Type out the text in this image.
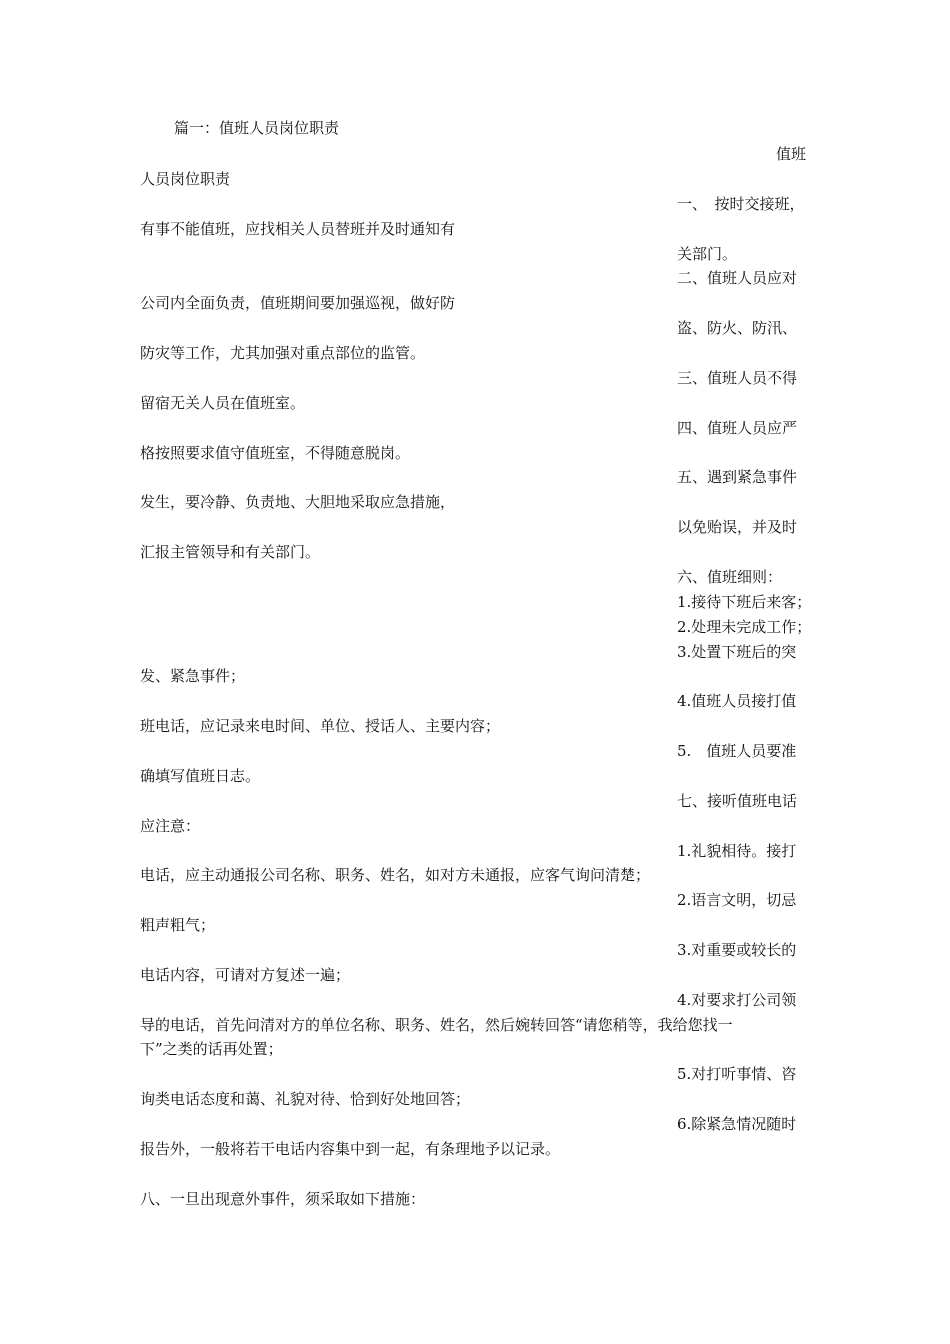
篇一：值班人员岗位职责
值班
人员岗位职责
一、　按时交接班，
有事不能值班，应找相关人员替班并及时通知有
关部门。
二、值班人员应对
公司内全面负责，值班期间要加强巡视，做好防
盗、防火、防汛、
防灾等工作，尤其加强对重点部位的监管。
三、值班人员不得
留宿无关人员在值班室。
四、值班人员应严
格按照要求值守值班室，不得随意脱岗。
五、遇到紧急事件
发生，要冷静、负责地、大胆地采取应急措施，
以免贻误，并及时
汇报主管领导和有关部门。
六、值班细则：
1.接待下班后来客；
2.处理未完成工作；
3.处置下班后的突
发、紧急事件；
4.值班人员接打值
班电话，应记录来电时间、单位、授话人、主要内容；
5.　值班人员要准
确填写值班日志。
七、接听值班电话
应注意：
1.礼貌相待。接打
电话，应主动通报公司名称、职务、姓名，如对方未通报，应客气询问清楚；
2.语言文明，切忌
粗声粗气；
3.对重要或较长的
电话内容，可请对方复述一遍；
4.对要求打公司领
导的电话，首先问清对方的单位名称、职务、姓名，然后婉转回答“请您稍等，我给您找一
下”之类的话再处置；
5.对打听事情、咨
询类电话态度和蔼、礼貌对待、恰到好处地回答；
6.除紧急情况随时
报告外，一般将若干电话内容集中到一起，有条理地予以记录。
八、一旦出现意外事件，须采取如下措施：
